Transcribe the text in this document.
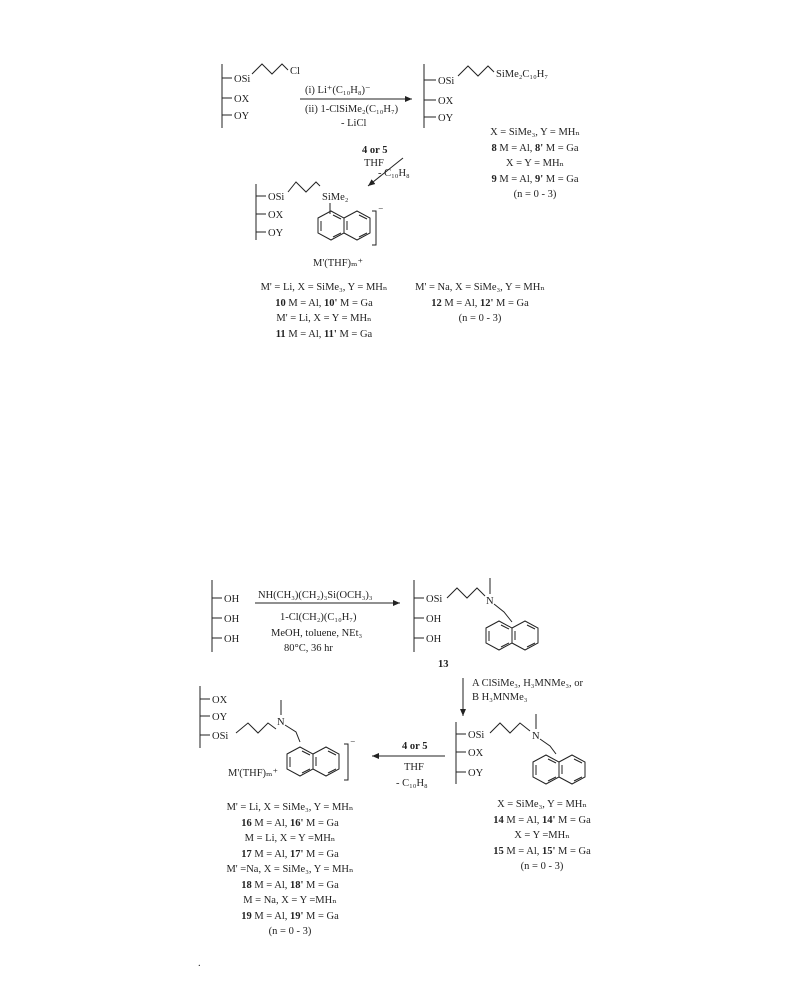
OSi
OX
OY
Cl
(i) Li⁺(C₁₀H₈)⁻
(ii) 1-ClSiMe₂(C₁₀H₇)
- LiCl
OSi
OX
OY
SiMe₂C₁₀H₇
4 or 5
THF
- C₁₀H₈
OSi
OX
OY
SiMe₂
⁻
M'(THF)ₘ⁺
OH
OH
OH
NH(CH₃)(CH₂)₃Si(OCH₃)₃
1-Cl(CH₂)(C₁₀H₇)
MeOH, toluene, NEt₃
80°C, 36 hr
OSi
OH
OH
N
13
A ClSiMe₃, H₃MNMe₃, or
B H₃MNMe₃
OSi
OX
OY
N
4 or 5
THF
- C₁₀H₈
OX
OY
OSi
N
⁻
M'(THF)ₘ⁺
.
X = SiMe₃, Y = MHₙ
8 M = Al, 8' M = Ga
X = Y = MHₙ
9 M = Al, 9' M = Ga
(n = 0 - 3)
M' = Li, X = SiMe₃, Y = MHₙ
10 M = Al, 10' M = Ga
M' = Li, X = Y = MHₙ
11 M = Al, 11' M = Ga
M' = Na, X = SiMe₃, Y = MHₙ
12 M = Al, 12' M = Ga
(n = 0 - 3)
X = SiMe₃, Y = MHₙ
14 M = Al, 14' M = Ga
X = Y =MHₙ
15 M = Al, 15' M = Ga
(n = 0 - 3)
M' = Li, X = SiMe₃, Y = MHₙ
16 M = Al, 16' M = Ga
M = Li, X = Y =MHₙ
17 M = Al, 17' M = Ga
M' =Na, X = SiMe₃, Y = MHₙ
18 M = Al, 18' M = Ga
M = Na, X = Y =MHₙ
19 M = Al, 19' M = Ga
(n = 0 - 3)
